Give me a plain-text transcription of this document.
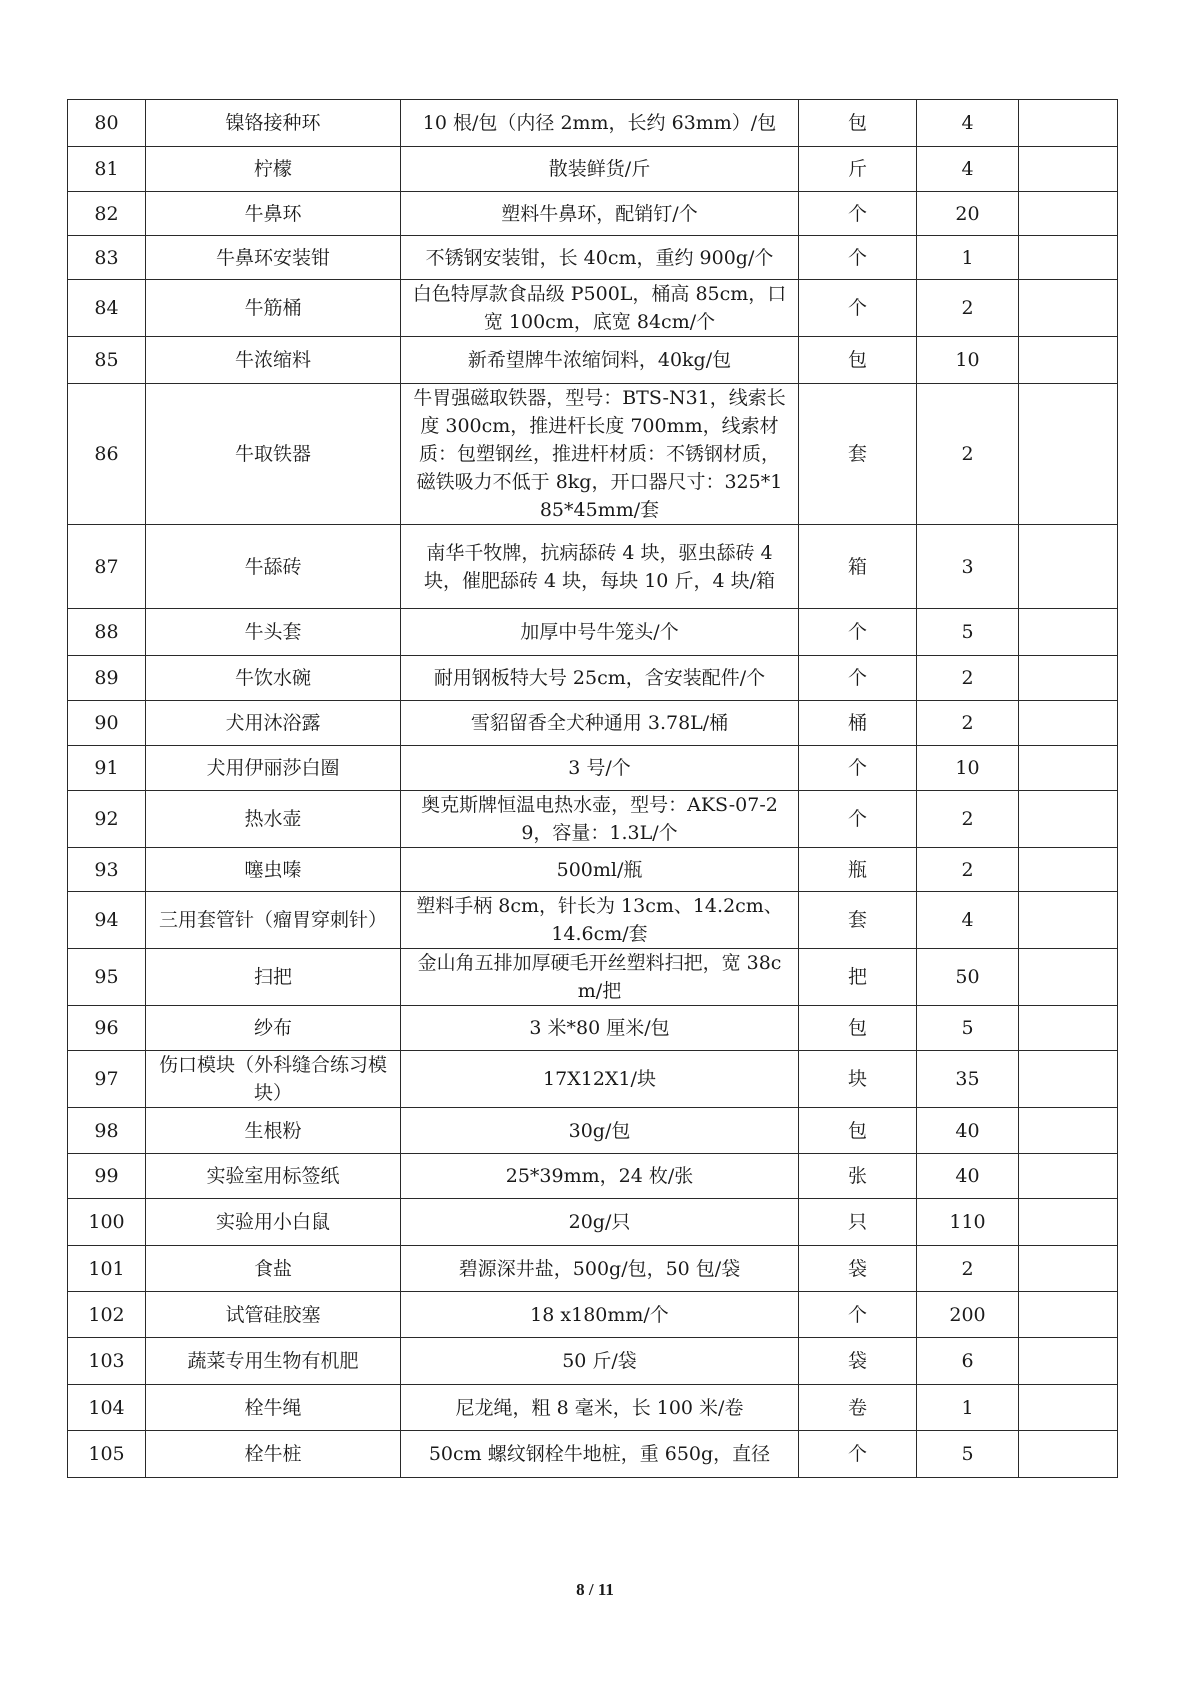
80	镍铬接种环	10 根/包（内径 2mm，长约 63mm）/包	包	4	
81	柠檬	散装鲜货/斤	斤	4	
82	牛鼻环	塑料牛鼻环，配销钉/个	个	20	
83	牛鼻环安装钳	不锈钢安装钳，长 40cm，重约 900g/个	个	1	
84	牛筋桶	白色特厚款食品级 P500L，桶高 85cm，口宽 100cm，底宽 84cm/个	个	2	
85	牛浓缩料	新希望牌牛浓缩饲料，40kg/包	包	10	
86	牛取铁器	牛胃强磁取铁器，型号：BTS-N31，线索长度 300cm，推进杆长度 700mm，线索材质：包塑钢丝，推进杆材质：不锈钢材质，磁铁吸力不低于 8kg，开口器尺寸：325*185*45mm/套	套	2	
87	牛舔砖	南华千牧牌，抗病舔砖 4 块，驱虫舔砖 4 块，催肥舔砖 4 块，每块 10 斤，4 块/箱	箱	3	
88	牛头套	加厚中号牛笼头/个	个	5	
89	牛饮水碗	耐用钢板特大号 25cm，含安装配件/个	个	2	
90	犬用沐浴露	雪貂留香全犬种通用 3.78L/桶	桶	2	
91	犬用伊丽莎白圈	3 号/个	个	10	
92	热水壶	奥克斯牌恒温电热水壶，型号：AKS-07-29，容量：1.3L/个	个	2	
93	噻虫嗪	500ml/瓶	瓶	2	
94	三用套管针（瘤胃穿刺针）	塑料手柄 8cm，针长为 13cm、14.2cm、14.6cm/套	套	4	
95	扫把	金山角五排加厚硬毛开丝塑料扫把，宽 38cm/把	把	50	
96	纱布	3 米*80 厘米/包	包	5	
97	伤口模块（外科缝合练习模块）	17X12X1/块	块	35	
98	生根粉	30g/包	包	40	
99	实验室用标签纸	25*39mm，24 枚/张	张	40	
100	实验用小白鼠	20g/只	只	110	
101	食盐	碧源深井盐，500g/包，50 包/袋	袋	2	
102	试管硅胶塞	18 x180mm/个	个	200	
103	蔬菜专用生物有机肥	50 斤/袋	袋	6	
104	栓牛绳	尼龙绳，粗 8 毫米，长 100 米/卷	卷	1	
105	栓牛桩	50cm 螺纹钢栓牛地桩，重 650g，直径	个	5	
8 / 11
